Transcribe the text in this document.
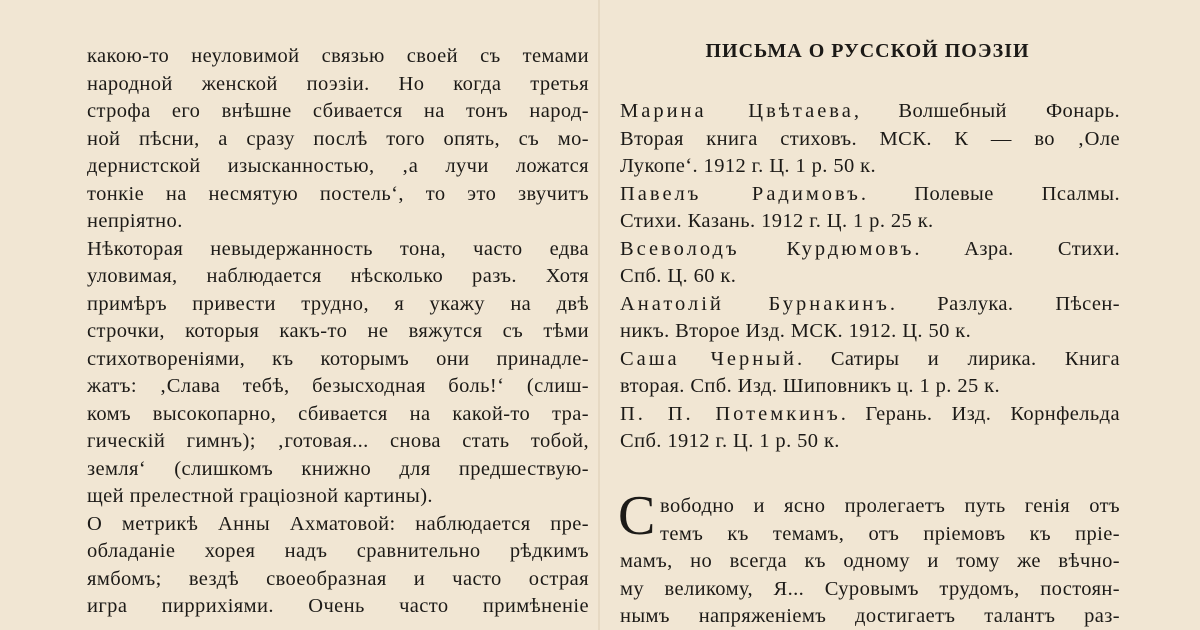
какою-то неуловимой связью своей съ темами
народной женской поэзіи. Но когда третья
строфа его внѣшне сбивается на тонъ народ-
ной пѣсни, а сразу послѣ того опять, съ мо-
дернистской изысканностью, ‚а лучи ложатся
тонкіе на несмятую постель‘, то это звучитъ
непріятно.
Нѣкоторая невыдержанность тона, часто едва
уловимая, наблюдается нѣсколько разъ. Хотя
примѣръ привести трудно, я укажу на двѣ
строчки, которыя какъ-то не вяжутся съ тѣми
стихотвореніями, къ которымъ они принадле-
жатъ: ‚Слава тебѣ, безысходная боль!‘ (слиш-
комъ высокопарно, сбивается на какой-то тра-
гическій гимнъ); ‚готовая... снова стать тобой,
земля‘ (слишкомъ книжно для предшествую-
щей прелестной граціозной картины).
О метрикѣ Анны Ахматовой: наблюдается пре-
обладаніе хорея надъ сравнительно рѣдкимъ
ямбомъ; вездѣ своеобразная и часто острая
игра пиррихіями. Очень часто примѣненіе
ПИСЬМА О РУССКОЙ ПОЭЗІИ
Марина Цвѣтаева, Волшебный Фонарь.
Вторая книга стиховъ. МСК. К — во ‚Оле
Лукопе‘. 1912 г. Ц. 1 р. 50 к.
Павелъ Радимовъ. Полевые Псалмы.
Стихи. Казань. 1912 г. Ц. 1 р. 25 к.
Всеволодъ Курдюмовъ. Азра. Стихи.
Спб. Ц. 60 к.
Анатолій Бурнакинъ. Разлука. Пѣсен-
никъ. Второе Изд. МСК. 1912. Ц. 50 к.
Саша Черный. Сатиры и лирика. Книга
вторая. Спб. Изд. Шиповникъ ц. 1 р. 25 к.
П. П. Потемкинъ. Герань. Изд. Корнфельда
Спб. 1912 г. Ц. 1 р. 50 к.
С вободно и ясно пролегаетъ путь генія отъ
темъ къ темамъ, отъ пріемовъ къ прiе-
мамъ, но всегда къ одному и тому же вѣчно-
му великому, Я... Суровымъ трудомъ, постоян-
нымъ напряженіемъ достигаетъ талантъ раз-
